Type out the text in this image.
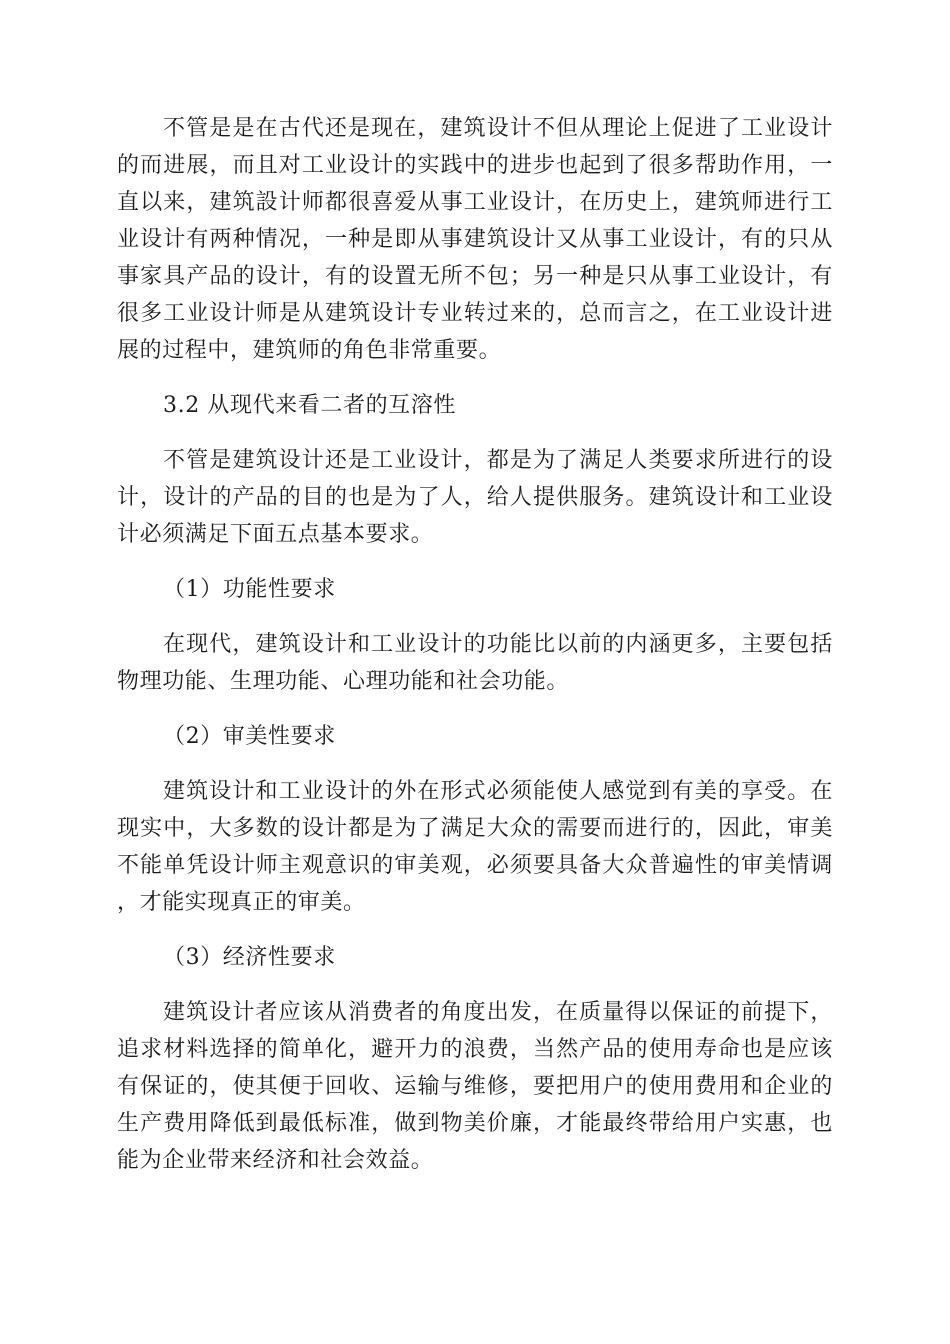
不管是是在古代还是现在，建筑设计不但从理论上促进了工业设计的而进展，而且对工业设计的实践中的进步也起到了很多帮助作用，一直以来，建筑設计师都很喜爱从事工业设计，在历史上，建筑师进行工业设计有两种情况，一种是即从事建筑设计又从事工业设计，有的只从事家具产品的设计，有的设置无所不包；另一种是只从事工业设计，有很多工业设计师是从建筑设计专业转过来的，总而言之，在工业设计进展的过程中，建筑师的角色非常重要。

3.2 从现代来看二者的互溶性

不管是建筑设计还是工业设计，都是为了满足人类要求所进行的设计，设计的产品的目的也是为了人，给人提供服务。建筑设计和工业设计必须满足下面五点基本要求。

（1）功能性要求

在现代，建筑设计和工业设计的功能比以前的内涵更多，主要包括物理功能、生理功能、心理功能和社会功能。

（2）审美性要求

建筑设计和工业设计的外在形式必须能使人感觉到有美的享受。在现实中，大多数的设计都是为了满足大众的需要而进行的，因此，审美不能单凭设计师主观意识的审美观，必须要具备大众普遍性的审美情调，才能实现真正的审美。

（3）经济性要求

建筑设计者应该从消费者的角度出发，在质量得以保证的前提下，追求材料选择的简单化，避开力的浪费，当然产品的使用寿命也是应该有保证的，使其便于回收、运输与维修，要把用户的使用费用和企业的生产费用降低到最低标准，做到物美价廉，才能最终带给用户实惠，也能为企业带来经济和社会效益。
